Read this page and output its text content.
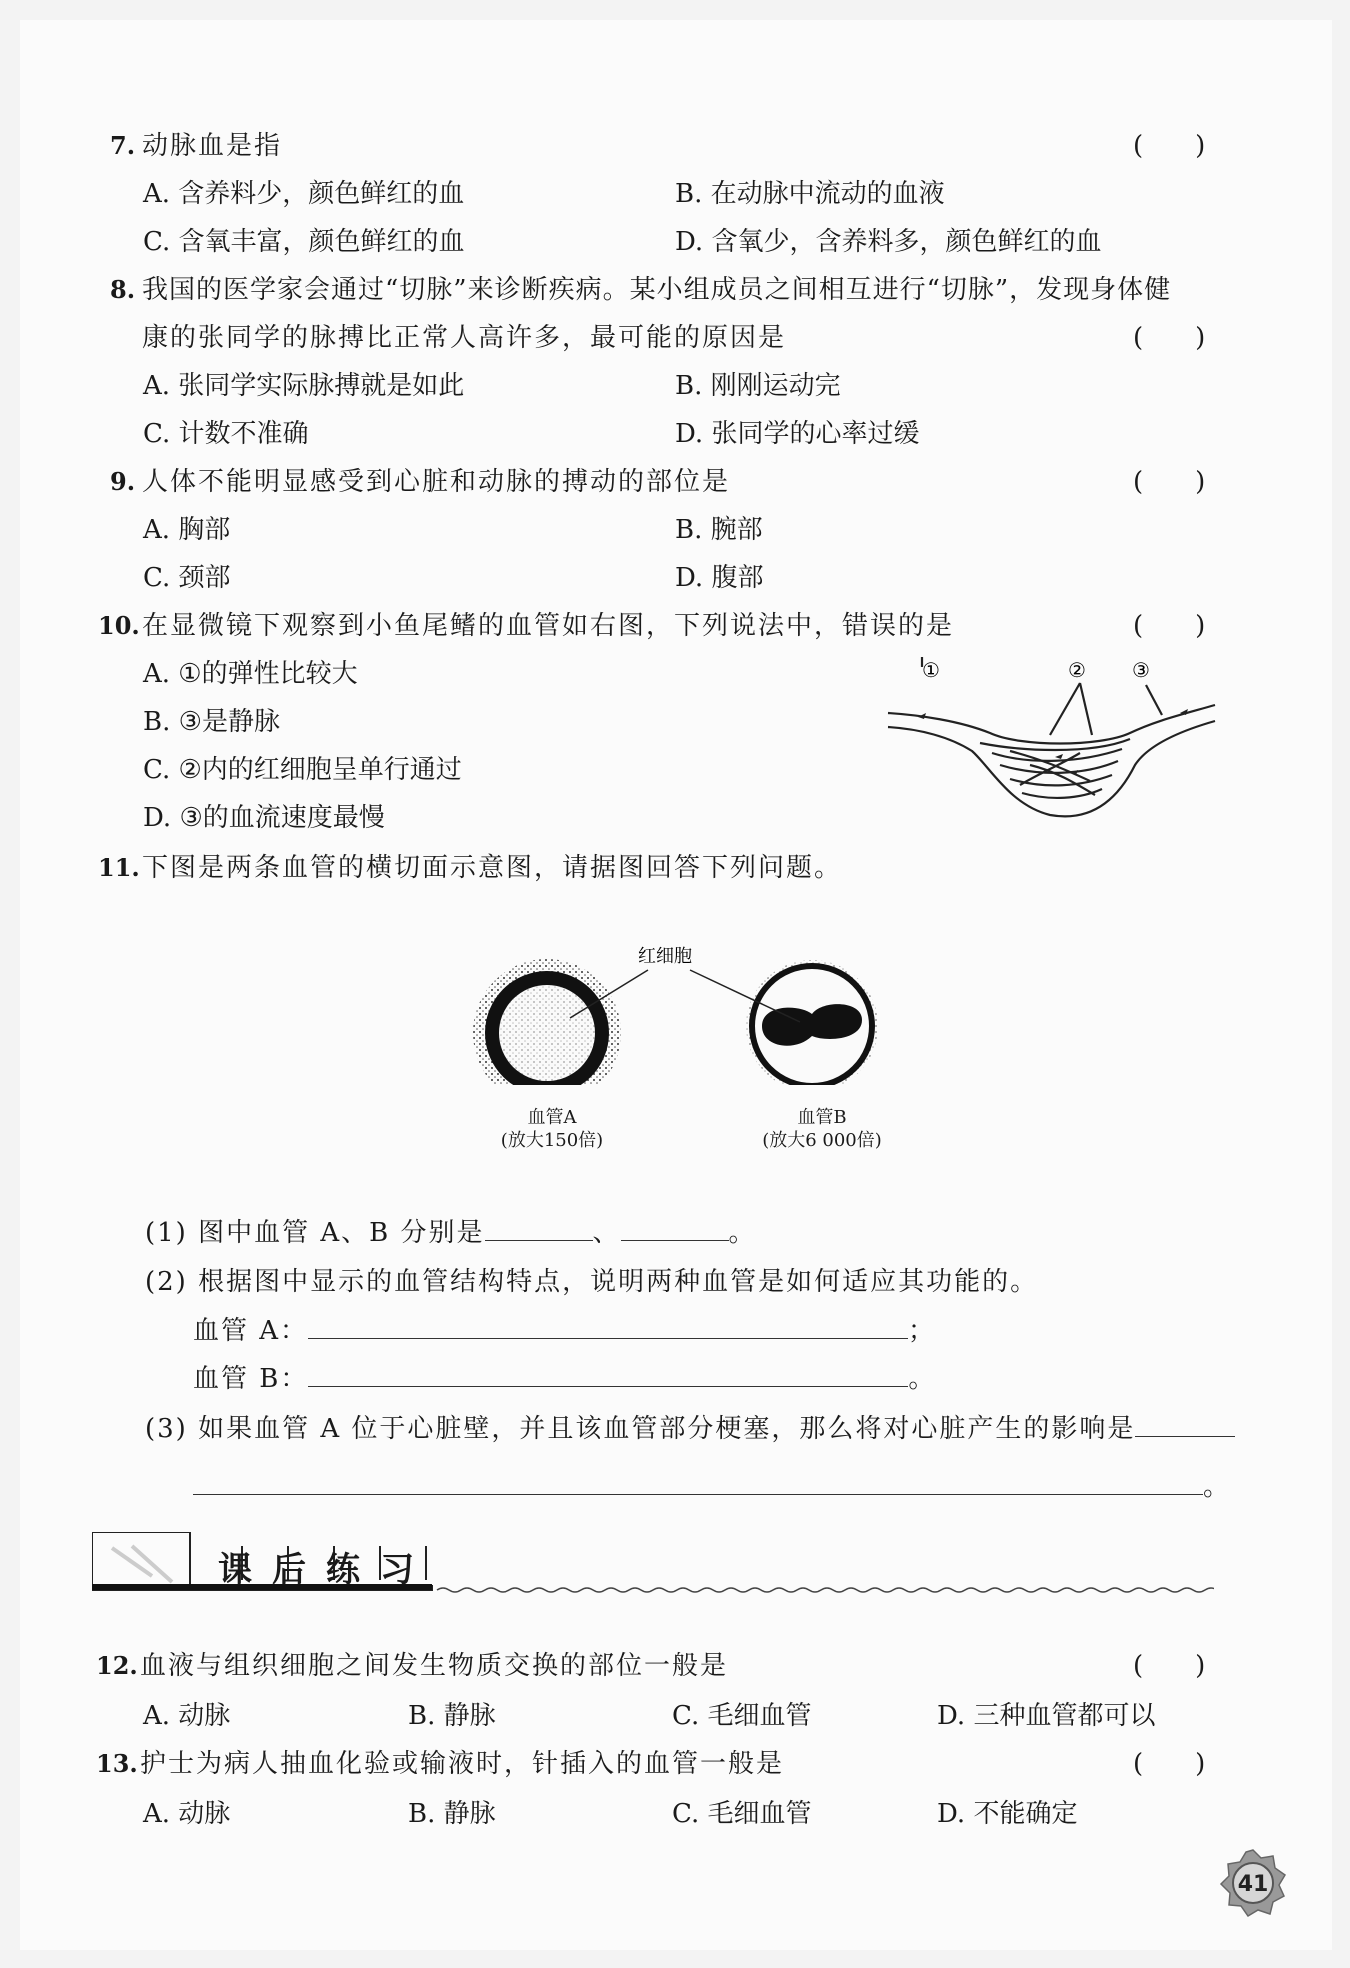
7. 动脉血是指	(　　)
A. 含养料少，颜色鲜红的血	B. 在动脉中流动的血液
C. 含氧丰富，颜色鲜红的血	D. 含氧少，含养料多，颜色鲜红的血
8. 我国的医学家会通过“切脉”来诊断疾病。某小组成员之间相互进行“切脉”，发现身体健
康的张同学的脉搏比正常人高许多，最可能的原因是	(　　)
A. 张同学实际脉搏就是如此	B. 刚刚运动完
C. 计数不准确	D. 张同学的心率过缓
9. 人体不能明显感受到心脏和动脉的搏动的部位是	(　　)
A. 胸部	B. 腕部
C. 颈部	D. 腹部
10. 在显微镜下观察到小鱼尾鳍的血管如右图，下列说法中，错误的是	(　　)
A. ①的弹性比较大
B. ③是静脉
C. ②内的红细胞呈单行通过
D. ③的血流速度最慢
①	② ③
11. 下图是两条血管的横切面示意图，请据图回答下列问题。
红细胞
血管A
(放大150倍)
血管B
(放大6 000倍)
(1) 图中血管 A、B 分别是	、	。
(2) 根据图中显示的血管结构特点，说明两种血管是如何适应其功能的。
血管 A：	；
血管 B：	。
(3) 如果血管 A 位于心脏壁，并且该血管部分梗塞，那么将对心脏产生的影响是
。
课后练习
12. 血液与组织细胞之间发生物质交换的部位一般是	(　　)
A. 动脉	B. 静脉	C. 毛细血管	D. 三种血管都可以
13. 护士为病人抽血化验或输液时，针插入的血管一般是	(　　)
A. 动脉	B. 静脉	C. 毛细血管	D. 不能确定
41
